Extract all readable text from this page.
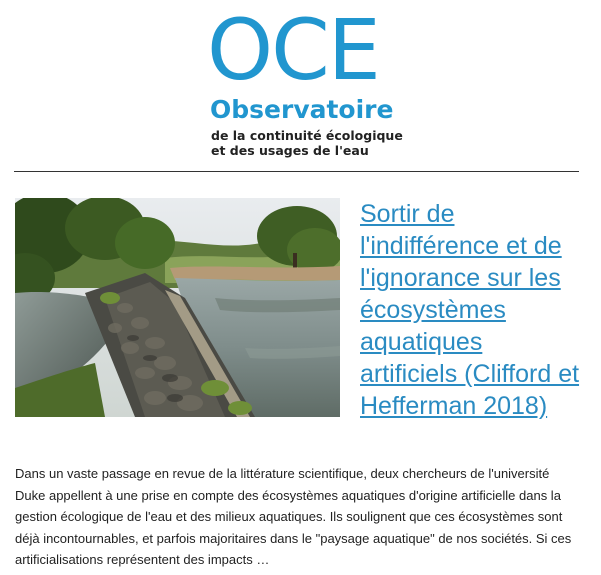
OCE
Observatoire
de la continuité écologique
et des usages de l'eau
Sortir de l'indifférence et de l'ignorance sur les écosystèmes aquatiques artificiels (Clifford et Hefferman 2018)

Dans un vaste passage en revue de la littérature scientifique, deux chercheurs de l'université Duke appellent à une prise en compte des écosystèmes aquatiques d'origine artificielle dans la gestion écologique de l'eau et des milieux aquatiques. Ils soulignent que ces écosystèmes sont déjà incontournables, et parfois majoritaires dans le "paysage aquatique" de nos sociétés. Si ces artificialisations représentent des impacts …
